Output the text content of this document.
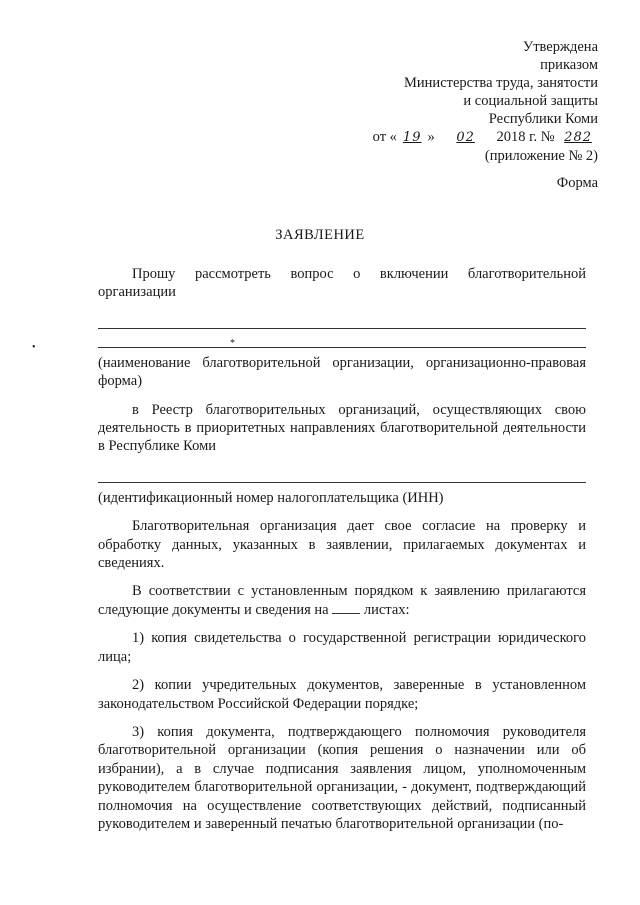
Утверждена
приказом
Министерства труда, занятости
и социальной защиты
Республики Коми
от « 19 » 02 2018 г. № 282
(приложение № 2)
Форма
ЗАЯВЛЕНИЕ
•

Прошу рассмотреть вопрос о включении благотворительной организации

*

(наименование благотворительной организации, организационно-правовая форма)

в Реестр благотворительных организаций, осуществляющих свою деятельность в приоритетных направлениях благотворительной деятельности в Республике Коми

(идентификационный номер налогоплательщика (ИНН)

Благотворительная организация дает свое согласие на проверку и обработку данных, указанных в заявлении, прилагаемых документах и сведениях.

В соответствии с установленным порядком к заявлению прилагаются следующие документы и сведения на листах:

1) копия свидетельства о государственной регистрации юридического лица;

2) копии учредительных документов, заверенные в установленном законодательством Российской Федерации порядке;

3) копия документа, подтверждающего полномочия руководителя благотворительной организации (копия решения о назначении или об избрании), а в случае подписания заявления лицом, уполномоченным руководителем благотворительной организации, - документ, подтверждающий полномочия на осуществление соответствующих действий, подписанный руководителем и заверенный печатью благотворительной организации (по-
